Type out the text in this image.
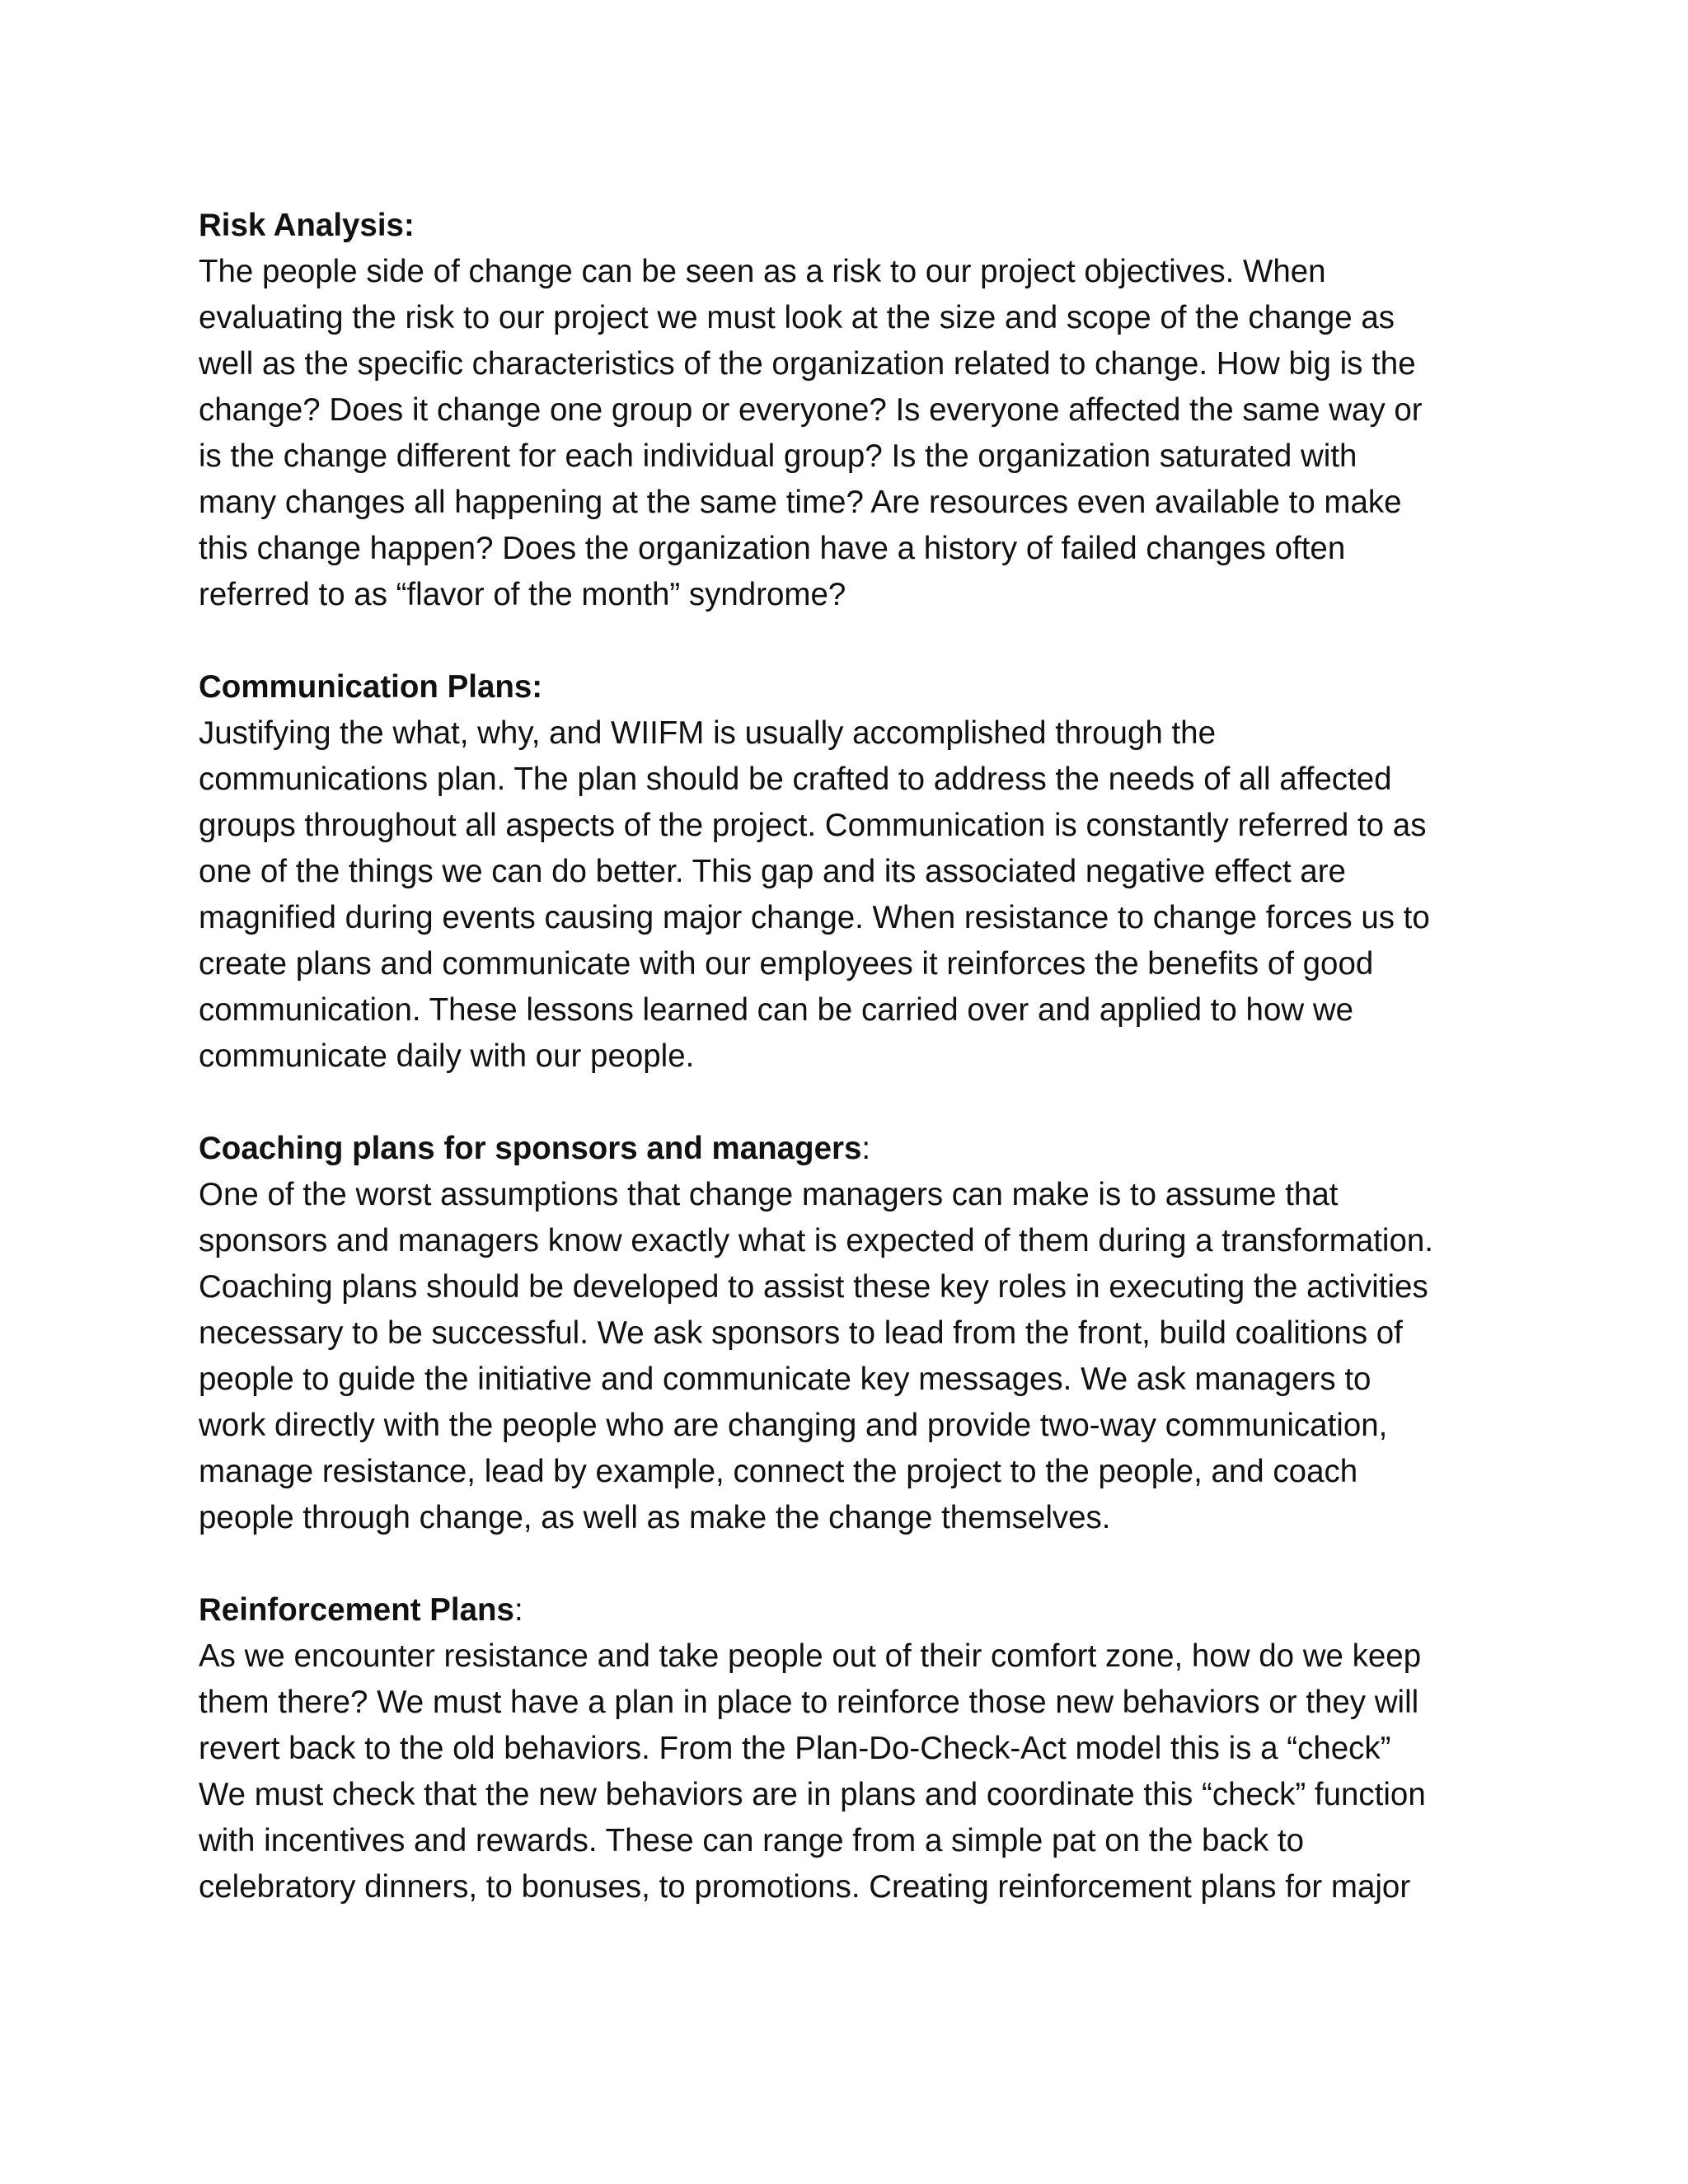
Risk Analysis:
The people side of change can be seen as a risk to our project objectives. When
evaluating the risk to our project we must look at the size and scope of the change as
well as the specific characteristics of the organization related to change. How big is the
change? Does it change one group or everyone? Is everyone affected the same way or
is the change different for each individual group? Is the organization saturated with
many changes all happening at the same time? Are resources even available to make
this change happen? Does the organization have a history of failed changes often
referred to as “flavor of the month” syndrome?
Communication Plans:
Justifying the what, why, and WIIFM is usually accomplished through the
communications plan. The plan should be crafted to address the needs of all affected
groups throughout all aspects of the project. Communication is constantly referred to as
one of the things we can do better. This gap and its associated negative effect are
magnified during events causing major change. When resistance to change forces us to
create plans and communicate with our employees it reinforces the benefits of good
communication. These lessons learned can be carried over and applied to how we
communicate daily with our people.
Coaching plans for sponsors and managers:
One of the worst assumptions that change managers can make is to assume that
sponsors and managers know exactly what is expected of them during a transformation.
Coaching plans should be developed to assist these key roles in executing the activities
necessary to be successful. We ask sponsors to lead from the front, build coalitions of
people to guide the initiative and communicate key messages. We ask managers to
work directly with the people who are changing and provide two-way communication,
manage resistance, lead by example, connect the project to the people, and coach
people through change, as well as make the change themselves.
Reinforcement Plans:
As we encounter resistance and take people out of their comfort zone, how do we keep
them there? We must have a plan in place to reinforce those new behaviors or they will
revert back to the old behaviors. From the Plan-Do-Check-Act model this is a “check”
We must check that the new behaviors are in plans and coordinate this “check” function
with incentives and rewards. These can range from a simple pat on the back to
celebratory dinners, to bonuses, to promotions. Creating reinforcement plans for major
